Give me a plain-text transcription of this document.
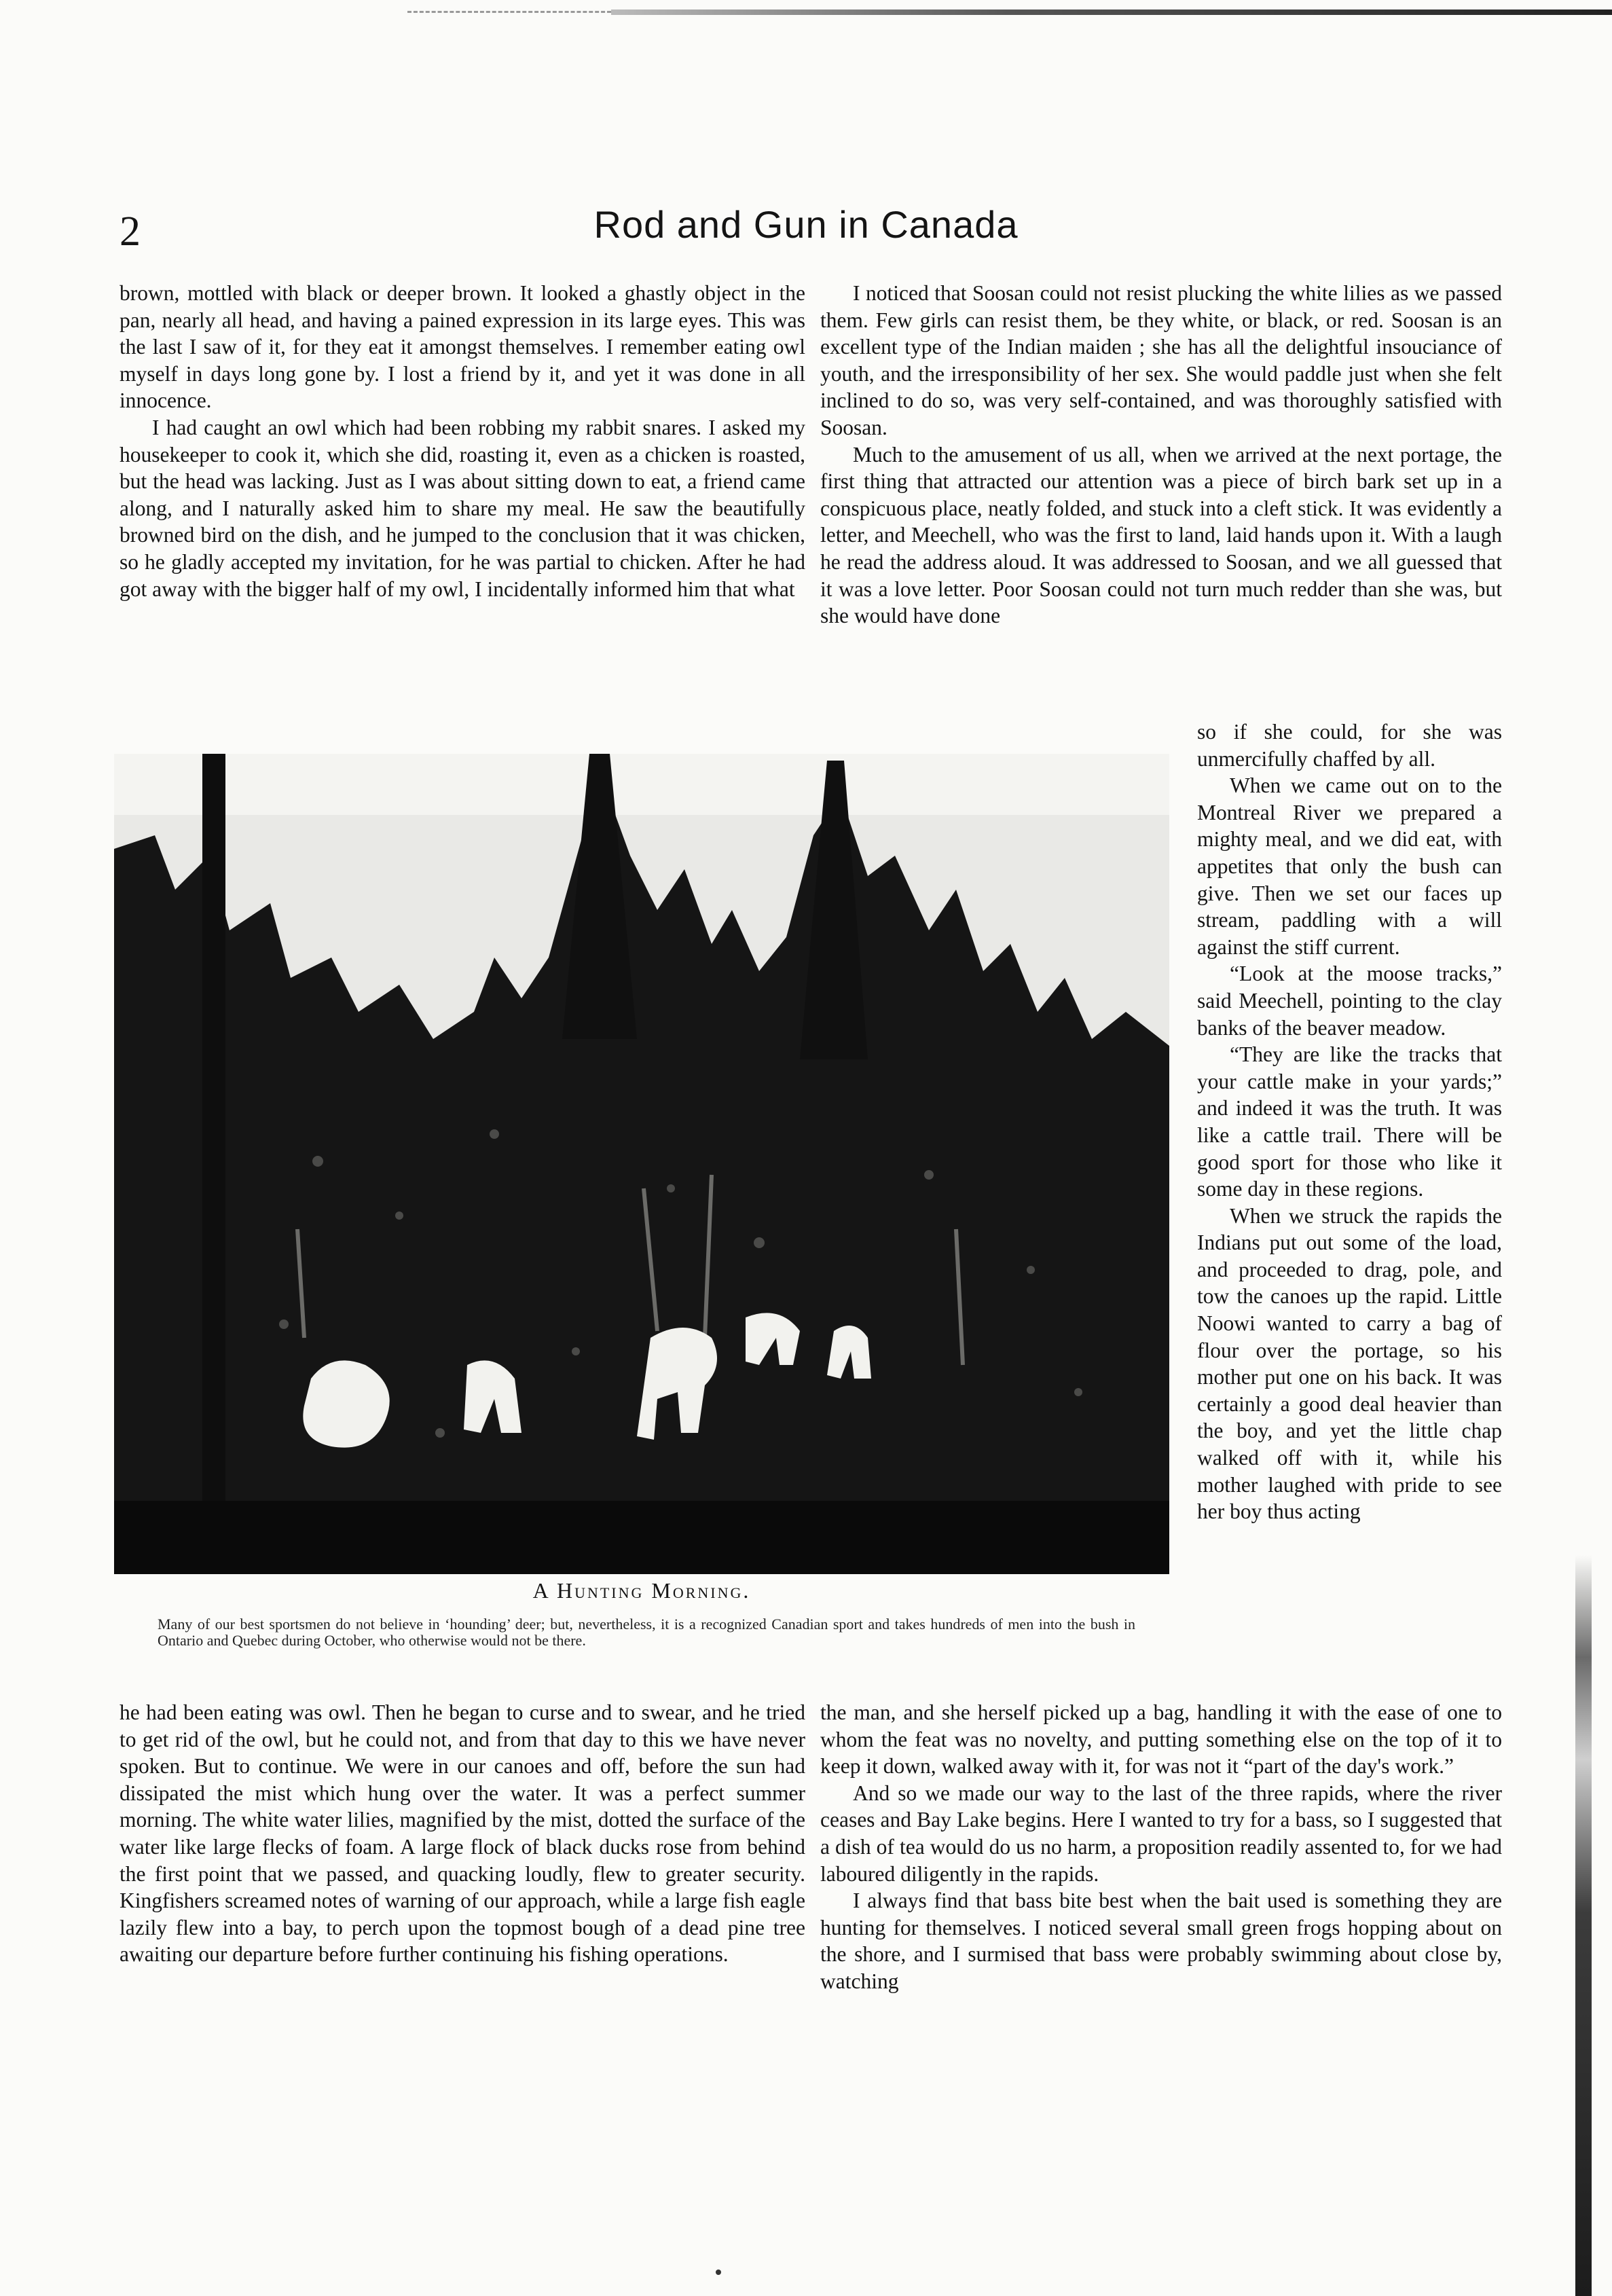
2	Rod and Gun in Canada

brown, mottled with black or deeper brown. It looked a ghastly object in the pan, nearly all head, and having a pained expression in its large eyes. This was the last I saw of it, for they eat it amongst themselves. I remember eating owl myself in days long gone by. I lost a friend by it, and yet it was done in all innocence.

I had caught an owl which had been robbing my rabbit snares. I asked my housekeeper to cook it, which she did, roasting it, even as a chicken is roasted, but the head was lacking. Just as I was about sitting down to eat, a friend came along, and I naturally asked him to share my meal. He saw the beautifully browned bird on the dish, and he jumped to the conclusion that it was chicken, so he gladly accepted my invitation, for he was partial to chicken. After he had got away with the bigger half of my owl, I incidentally informed him that what

I noticed that Soosan could not resist plucking the white lilies as we passed them. Few girls can resist them, be they white, or black, or red. Soosan is an excellent type of the Indian maiden ; she has all the delightful insouciance of youth, and the irresponsibility of her sex. She would paddle just when she felt inclined to do so, was very self-contained, and was thoroughly satisfied with Soosan.

Much to the amusement of us all, when we arrived at the next portage, the first thing that attracted our attention was a piece of birch bark set up in a conspicuous place, neatly folded, and stuck into a cleft stick. It was evidently a letter, and Meechell, who was the first to land, laid hands upon it. With a laugh he read the address aloud. It was addressed to Soosan, and we all guessed that it was a love letter. Poor Soosan could not turn much redder than she was, but she would have done

so if she could, for she was unmercifully chaffed by all.

When we came out on to the Montreal River we prepared a mighty meal, and we did eat, with appetites that only the bush can give. Then we set our faces up stream, paddling with a will against the stiff current.

“Look at the moose tracks,” said Meechell, pointing to the clay banks of the beaver meadow.

“They are like the tracks that your cattle make in your yards;” and indeed it was the truth. It was like a cattle trail. There will be good sport for those who like it some day in these regions.

When we struck the rapids the Indians put out some of the load, and proceeded to drag, pole, and tow the canoes up the rapid. Little Noowi wanted to carry a bag of flour over the portage, so his mother put one on his back. It was certainly a good deal heavier than the boy, and yet the little chap walked off with it, while his mother laughed with pride to see her boy thus acting

A Hunting Morning.
Many of our best sportsmen do not believe in ‘hounding’ deer; but, nevertheless, it is a recognized Canadian sport and takes hundreds of men into the bush in Ontario and Quebec during October, who otherwise would not be there.

he had been eating was owl. Then he began to curse and to swear, and he tried to get rid of the owl, but he could not, and from that day to this we have never spoken. But to continue. We were in our canoes and off, before the sun had dissipated the mist which hung over the water. It was a perfect summer morning. The white water lilies, magnified by the mist, dotted the surface of the water like large flecks of foam. A large flock of black ducks rose from behind the first point that we passed, and quacking loudly, flew to greater security. Kingfishers screamed notes of warning of our approach, while a large fish eagle lazily flew into a bay, to perch upon the topmost bough of a dead pine tree awaiting our departure before further continuing his fishing operations.

the man, and she herself picked up a bag, handling it with the ease of one to whom the feat was no novelty, and putting something else on the top of it to keep it down, walked away with it, for was not it “part of the day's work.”

And so we made our way to the last of the three rapids, where the river ceases and Bay Lake begins. Here I wanted to try for a bass, so I suggested that a dish of tea would do us no harm, a proposition readily assented to, for we had laboured diligently in the rapids.

I always find that bass bite best when the bait used is something they are hunting for themselves. I noticed several small green frogs hopping about on the shore, and I surmised that bass were probably swimming about close by, watching
